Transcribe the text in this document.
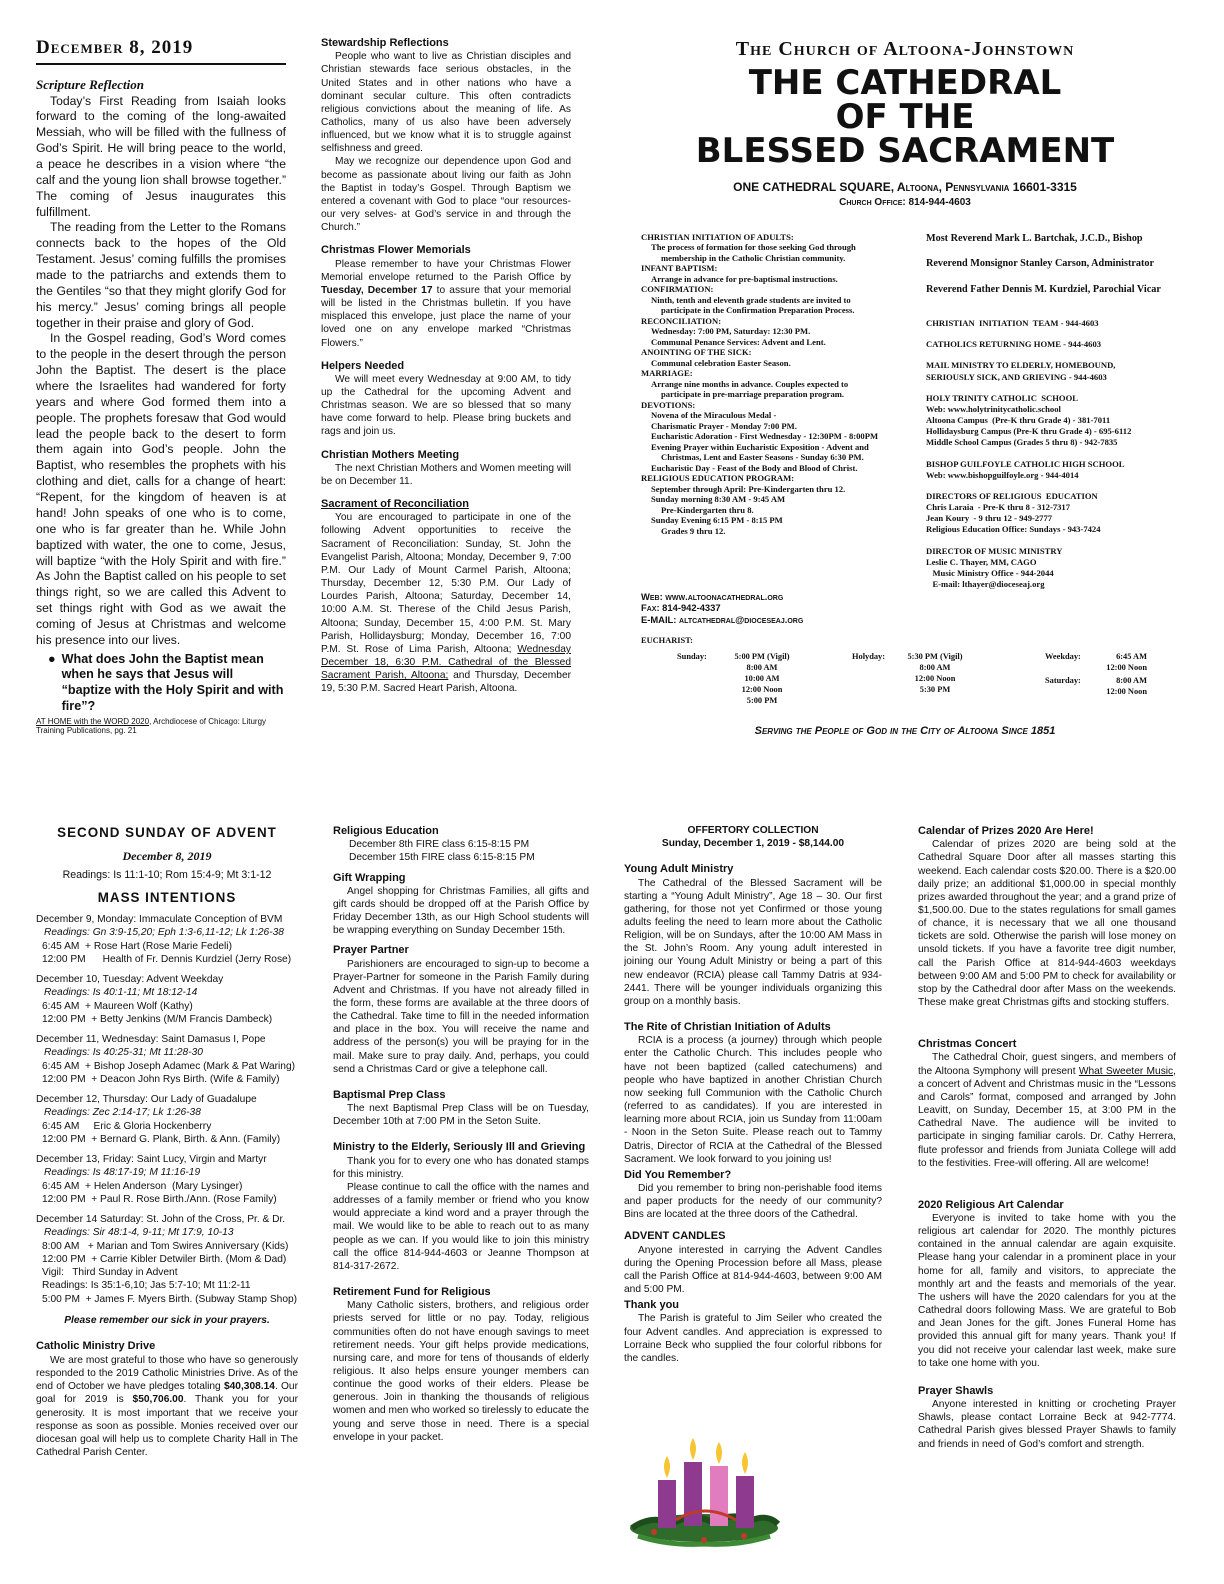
December 8, 2019
Scripture Reflection

Today’s First Reading from Isaiah looks forward to the coming of the long-awaited Messiah, who will be filled with the fullness of God’s Spirit. He will bring peace to the world, a peace he describes in a vision where “the calf and the young lion shall browse together.” The coming of Jesus inaugurates this fulfillment.

The reading from the Letter to the Romans connects back to the hopes of the Old Testament. Jesus’ coming fulfills the promises made to the patriarchs and extends them to the Gentiles “so that they might glorify God for his mercy.” Jesus’ coming brings all people together in their praise and glory of God.

In the Gospel reading, God’s Word comes to the people in the desert through the person John the Baptist. The desert is the place where the Israelites had wandered for forty years and where God formed them into a people. The prophets foresaw that God would lead the people back to the desert to form them again into God’s people. John the Baptist, who resembles the prophets with his clothing and diet, calls for a change of heart: “Repent, for the kingdom of heaven is at hand! John speaks of one who is to come, one who is far greater than he. While John baptized with water, the one to come, Jesus, will baptize “with the Holy Spirit and with fire.” As John the Baptist called on his people to set things right, so we are called this Advent to set things right with God as we await the coming of Jesus at Christmas and welcome his presence into our lives.

● What does John the Baptist mean when he says that Jesus will “baptize with the Holy Spirit and with fire”?
AT HOME with the WORD 2020, Archdiocese of Chicago: Liturgy Training Publications, pg. 21
Stewardship Reflections

People who want to live as Christian disciples and Christian stewards face serious obstacles, in the United States and in other nations who have a dominant secular culture. This often contradicts religious convictions about the meaning of life. As Catholics, many of us also have been adversely influenced, but we know what it is to struggle against selfishness and greed.

May we recognize our dependence upon God and become as passionate about living our faith as John the Baptist in today’s Gospel. Through Baptism we entered a covenant with God to place “our resources- our very selves- at God’s service in and through the Church.”

Christmas Flower Memorials

Please remember to have your Christmas Flower Memorial envelope returned to the Parish Office by Tuesday, December 17 to assure that your memorial will be listed in the Christmas bulletin. If you have misplaced this envelope, just place the name of your loved one on any envelope marked “Christmas Flowers.”

Helpers Needed

We will meet every Wednesday at 9:00 AM, to tidy up the Cathedral for the upcoming Advent and Christmas season. We are so blessed that so many have come forward to help. Please bring buckets and rags and join us.

Christian Mothers Meeting

The next Christian Mothers and Women meeting will be on December 11.

Sacrament of Reconciliation

You are encouraged to participate in one of the following Advent opportunities to receive the Sacrament of Reconciliation: Sunday, St. John the Evangelist Parish, Altoona; Monday, December 9, 7:00 P.M. Our Lady of Mount Carmel Parish, Altoona; Thursday, December 12, 5:30 P.M. Our Lady of Lourdes Parish, Altoona; Saturday, December 14, 10:00 A.M. St. Therese of the Child Jesus Parish, Altoona; Sunday, December 15, 4:00 P.M. St. Mary Parish, Hollidaysburg; Monday, December 16, 7:00 P.M. St. Rose of Lima Parish, Altoona; Wednesday December 18, 6:30 P.M. Cathedral of the Blessed Sacrament Parish, Altoona; and Thursday, December 19, 5:30 P.M. Sacred Heart Parish, Altoona.

The Church of Altoona-Johnstown
THE CATHEDRAL
OF THE
BLESSED SACRAMENT
ONE CATHEDRAL SQUARE, Altoona, Pennsylvania 16601-3315
Church Office: 814-944-4603
CHRISTIAN INITIATION OF ADULTS:
The process of formation for those seeking God through
membership in the Catholic Christian community.
INFANT BAPTISM:
Arrange in advance for pre-baptismal instructions.
CONFIRMATION:
Ninth, tenth and eleventh grade students are invited to
participate in the Confirmation Preparation Process.
RECONCILIATION:
Wednesday: 7:00 PM, Saturday: 12:30 PM.
Communal Penance Services: Advent and Lent.
ANOINTING OF THE SICK:
Communal celebration Easter Season.
MARRIAGE:
Arrange nine months in advance. Couples expected to
participate in pre-marriage preparation program.
DEVOTIONS:
Novena of the Miraculous Medal -
Charismatic Prayer - Monday 7:00 PM.
Eucharistic Adoration - First Wednesday - 12:30PM - 8:00PM
Evening Prayer within Eucharistic Exposition - Advent and
Christmas, Lent and Easter Seasons - Sunday 6:30 PM.
Eucharistic Day - Feast of the Body and Blood of Christ.
RELIGIOUS EDUCATION PROGRAM:
September through April: Pre-Kindergarten thru 12.
Sunday morning 8:30 AM - 9:45 AM
Pre-Kindergarten thru 8.
Sunday Evening 6:15 PM - 8:15 PM
Grades 9 thru 12.
Web: www.altoonacathedral.org
Fax: 814-942-4337
E-MAIL: altcathedral@dioceseaj.org
Most Reverend Mark L. Bartchak, J.C.D., Bishop
Reverend Monsignor Stanley Carson, Administrator
Reverend Father Dennis M. Kurdziel, Parochial Vicar
CHRISTIAN  INITIATION  TEAM - 944-4603
CATHOLICS RETURNING HOME - 944-4603
MAIL MINISTRY TO ELDERLY, HOMEBOUND,
SERIOUSLY SICK, AND GRIEVING - 944-4603
HOLY TRINITY CATHOLIC  SCHOOL
Web: www.holytrinitycatholic.school
Altoona Campus  (Pre-K thru Grade 4) - 381-7011
Hollidaysburg Campus (Pre-K thru Grade 4) - 695-6112
Middle School Campus (Grades 5 thru 8) - 942-7835
BISHOP GUILFOYLE CATHOLIC HIGH SCHOOL
Web: www.bishopguilfoyle.org - 944-4014
DIRECTORS OF RELIGIOUS  EDUCATION
Chris Laraia  - Pre-K thru 8 - 312-7317
Jean Koury  - 9 thru 12 - 949-2777
Religious Education Office: Sundays - 943-7424
DIRECTOR OF MUSIC MINISTRY
Leslie C. Thayer, MM, CAGO
Music Ministry Office - 944-2044
E-mail: lthayer@dioceseaj.org
EUCHARIST:
Sunday:	5:00 PM (Vigil)
8:00 AM
10:00 AM
12:00 Noon
5:00 PM
Holyday:	5:30 PM (Vigil)
8:00 AM
12:00 Noon
5:30 PM
Weekday:	6:45 AM
12:00 Noon
Saturday:	8:00 AM
12:00 Noon
Serving the People of God in the City of Altoona Since 1851
SECOND SUNDAY OF ADVENT
December 8, 2019
Readings: Is 11:1-10; Rom 15:4-9; Mt 3:1-12
MASS INTENTIONS
December 9, Monday: Immaculate Conception of BVM
Readings: Gn 3:9-15,20; Eph 1:3-6,11-12; Lk 1:26-38
6:45 AM  + Rose Hart (Rose Marie Fedeli)
12:00 PM      Health of Fr. Dennis Kurdziel (Jerry Rose)
December 10, Tuesday: Advent Weekday
Readings: Is 40:1-11; Mt 18:12-14
6:45 AM  + Maureen Wolf (Kathy)
12:00 PM  + Betty Jenkins (M/M Francis Dambeck)
December 11, Wednesday: Saint Damasus I, Pope
Readings: Is 40:25-31; Mt 11:28-30
6:45 AM  + Bishop Joseph Adamec (Mark & Pat Waring)
12:00 PM  + Deacon John Rys Birth. (Wife & Family)
December 12, Thursday: Our Lady of Guadalupe
Readings: Zec 2:14-17; Lk 1:26-38
6:45 AM     Eric & Gloria Hockenberry
12:00 PM  + Bernard G. Plank, Birth. & Ann. (Family)
December 13, Friday: Saint Lucy, Virgin and Martyr
Readings: Is 48:17-19; M 11:16-19
6:45 AM  + Helen Anderson  (Mary Lysinger)
12:00 PM  + Paul R. Rose Birth./Ann. (Rose Family)
December 14 Saturday: St. John of the Cross, Pr. & Dr.
Readings: Sir 48:1-4, 9-11; Mt 17:9, 10-13
8:00 AM   + Marian and Tom Swires Anniversary (Kids)
12:00 PM  + Carrie Kibler Detwiler Birth. (Mom & Dad)
Vigil:   Third Sunday in Advent
Readings: Is 35:1-6,10; Jas 5:7-10; Mt 11:2-11
5:00 PM  + James F. Myers Birth. (Subway Stamp Shop)
Please remember our sick in your prayers.
Catholic Ministry Drive

We are most grateful to those who have so generously responded to the 2019 Catholic Ministries Drive. As of the end of October we have pledges totaling $40,308.14. Our goal for 2019 is $50,706.00. Thank you for your generosity. It is most important that we receive your response as soon as possible. Monies received over our diocesan goal will help us to complete Charity Hall in The Cathedral Parish Center.

Religious Education
December 8th FIRE class 6:15-8:15 PM
December 15th FIRE class 6:15-8:15 PM
Gift Wrapping

Angel shopping for Christmas Families, all gifts and gift cards should be dropped off at the Parish Office by Friday December 13th, as our High School students will be wrapping everything on Sunday December 15th.

Prayer Partner

Parishioners are encouraged to sign-up to become a Prayer-Partner for someone in the Parish Family during Advent and Christmas. If you have not already filled in the form, these forms are available at the three doors of the Cathedral. Take time to fill in the needed information and place in the box. You will receive the name and address of the person(s) you will be praying for in the mail. Make sure to pray daily. And, perhaps, you could send a Christmas Card or give a telephone call.

Baptismal Prep Class

The next Baptismal Prep Class will be on Tuesday, December 10th at 7:00 PM in the Seton Suite.

Ministry to the Elderly, Seriously Ill and Grieving

Thank you for to every one who has donated stamps for this ministry.

Please continue to call the office with the names and addresses of a family member or friend who you know would appreciate a kind word and a prayer through the mail. We would like to be able to reach out to as many people as we can. If you would like to join this ministry call the office 814-944-4603 or Jeanne Thompson at 814-317-2672.

Retirement Fund for Religious

Many Catholic sisters, brothers, and religious order priests served for little or no pay. Today, religious communities often do not have enough savings to meet retirement needs. Your gift helps provide medications, nursing care, and more for tens of thousands of elderly religious. It also helps ensure younger members can continue the good works of their elders. Please be generous. Join in thanking the thousands of religious women and men who worked so tirelessly to educate the young and serve those in need. There is a special envelope in your packet.

OFFERTORY COLLECTION
Sunday, December 1, 2019 - $8,144.00
Young Adult Ministry

The Cathedral of the Blessed Sacrament will be starting a “Young Adult Ministry”, Age 18 – 30. Our first gathering, for those not yet Confirmed or those young adults feeling the need to learn more about the Catholic Religion, will be on Sundays, after the 10:00 AM Mass in the St. John’s Room. Any young adult interested in joining our Young Adult Ministry or being a part of this new endeavor (RCIA) please call Tammy Datris at 934-2441. There will be younger individuals organizing this group on a monthly basis.

The Rite of Christian Initiation of Adults

RCIA is a process (a journey) through which people enter the Catholic Church. This includes people who have not been baptized (called catechumens) and people who have baptized in another Christian Church now seeking full Communion with the Catholic Church (referred to as candidates). If you are interested in learning more about RCIA, join us Sunday from 11:00am - Noon in the Seton Suite. Please reach out to Tammy Datris, Director of RCIA at the Cathedral of the Blessed Sacrament. We look forward to you joining us!

Did You Remember?

Did you remember to bring non-perishable food items and paper products for the needy of our community? Bins are located at the three doors of the Cathedral.

ADVENT CANDLES

Anyone interested in carrying the Advent Candles during the Opening Procession before all Mass, please call the Parish Office at 814-944-4603, between 9:00 AM and 5:00 PM.

Thank you

The Parish is grateful to Jim Seiler who created the four Advent candles. And appreciation is expressed to Lorraine Beck who supplied the four colorful ribbons for the candles.

Calendar of Prizes 2020 Are Here!

Calendar of prizes 2020 are being sold at the Cathedral Square Door after all masses starting this weekend. Each calendar costs $20.00. There is a $20.00 daily prize; an additional $1,000.00 in special monthly prizes awarded throughout the year; and a grand prize of $1,500.00. Due to the states regulations for small games of chance, it is necessary that we all one thousand tickets are sold. Otherwise the parish will lose money on unsold tickets. If you have a favorite tree digit number, call the Parish Office at 814-944-4603 weekdays between 9:00 AM and 5:00 PM to check for availability or stop by the Cathedral door after Mass on the weekends. These make great Christmas gifts and stocking stuffers.

Christmas Concert

The Cathedral Choir, guest singers, and members of the Altoona Symphony will present What Sweeter Music, a concert of Advent and Christmas music in the “Lessons and Carols” format, composed and arranged by John Leavitt, on Sunday, December 15, at 3:00 PM in the Cathedral Nave. The audience will be invited to participate in singing familiar carols. Dr. Cathy Herrera, flute professor and friends from Juniata College will add to the festivities. Free-will offering. All are welcome!

2020 Religious Art Calendar

Everyone is invited to take home with you the religious art calendar for 2020. The monthly pictures contained in the annual calendar are again exquisite. Please hang your calendar in a prominent place in your home for all, family and visitors, to appreciate the monthly art and the feasts and memorials of the year. The ushers will have the 2020 calendars for you at the Cathedral doors following Mass. We are grateful to Bob and Jean Jones for the gift. Jones Funeral Home has provided this annual gift for many years. Thank you! If you did not receive your calendar last week, make sure to take one home with you.

Prayer Shawls

Anyone interested in knitting or crocheting Prayer Shawls, please contact Lorraine Beck at 942-7774. Cathedral Parish gives blessed Prayer Shawls to family and friends in need of God’s comfort and strength.
